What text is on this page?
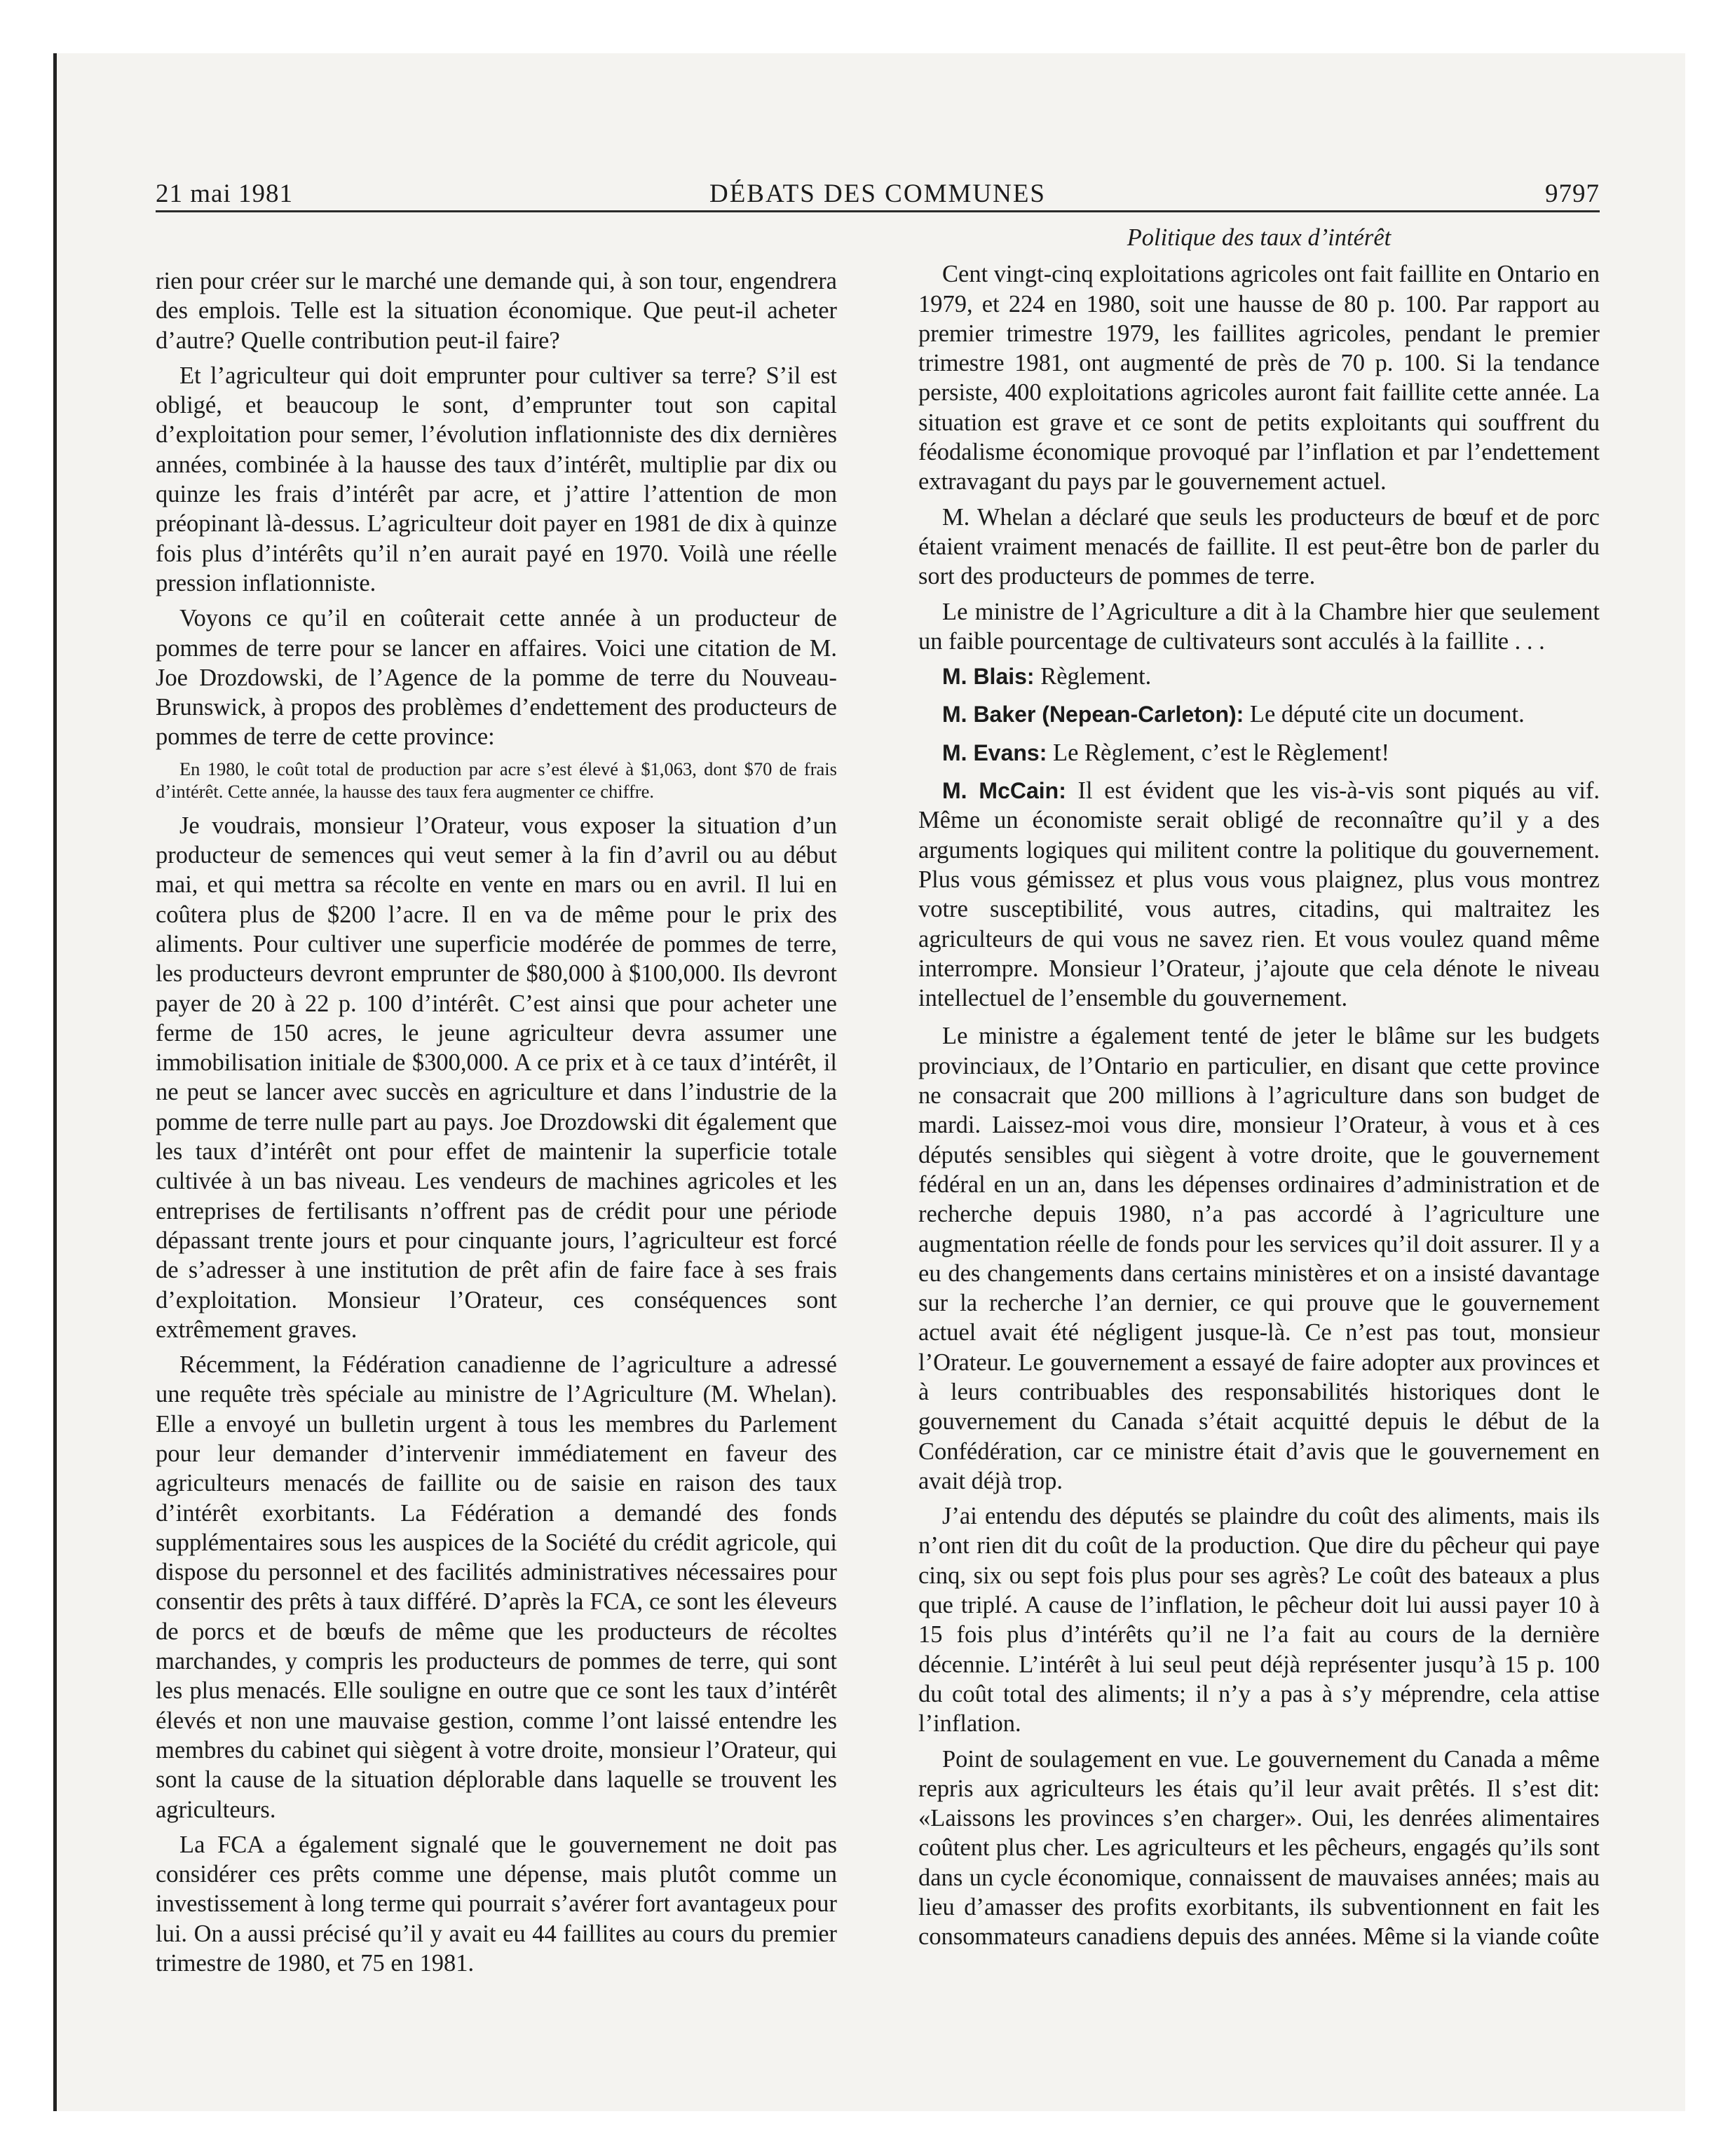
21 mai 1981	DÉBATS DES COMMUNES	9797

rien pour créer sur le marché une demande qui, à son tour, engendrera des emplois. Telle est la situation économique. Que peut-il acheter d’autre? Quelle contribution peut-il faire?

Et l’agriculteur qui doit emprunter pour cultiver sa terre? S’il est obligé, et beaucoup le sont, d’emprunter tout son capital d’exploitation pour semer, l’évolution inflationniste des dix dernières années, combinée à la hausse des taux d’intérêt, multiplie par dix ou quinze les frais d’intérêt par acre, et j’attire l’attention de mon préopinant là-dessus. L’agriculteur doit payer en 1981 de dix à quinze fois plus d’intérêts qu’il n’en aurait payé en 1970. Voilà une réelle pression inflationniste.

Voyons ce qu’il en coûterait cette année à un producteur de pommes de terre pour se lancer en affaires. Voici une citation de M. Joe Drozdowski, de l’Agence de la pomme de terre du Nouveau-Brunswick, à propos des problèmes d’endettement des producteurs de pommes de terre de cette province:

En 1980, le coût total de production par acre s’est élevé à $1,063, dont $70 de frais d’intérêt. Cette année, la hausse des taux fera augmenter ce chiffre.

Je voudrais, monsieur l’Orateur, vous exposer la situation d’un producteur de semences qui veut semer à la fin d’avril ou au début mai, et qui mettra sa récolte en vente en mars ou en avril. Il lui en coûtera plus de $200 l’acre. Il en va de même pour le prix des aliments. Pour cultiver une superficie modérée de pommes de terre, les producteurs devront emprunter de $80,000 à $100,000. Ils devront payer de 20 à 22 p. 100 d’intérêt. C’est ainsi que pour acheter une ferme de 150 acres, le jeune agriculteur devra assumer une immobilisation initiale de $300,000. A ce prix et à ce taux d’intérêt, il ne peut se lancer avec succès en agriculture et dans l’industrie de la pomme de terre nulle part au pays. Joe Drozdowski dit également que les taux d’intérêt ont pour effet de maintenir la superficie totale cultivée à un bas niveau. Les vendeurs de machines agricoles et les entreprises de fertilisants n’offrent pas de crédit pour une période dépassant trente jours et pour cinquante jours, l’agriculteur est forcé de s’adresser à une institution de prêt afin de faire face à ses frais d’exploitation. Monsieur l’Orateur, ces conséquences sont extrêmement graves.

Récemment, la Fédération canadienne de l’agriculture a adressé une requête très spéciale au ministre de l’Agriculture (M. Whelan). Elle a envoyé un bulletin urgent à tous les membres du Parlement pour leur demander d’intervenir immédiatement en faveur des agriculteurs menacés de faillite ou de saisie en raison des taux d’intérêt exorbitants. La Fédération a demandé des fonds supplémentaires sous les auspices de la Société du crédit agricole, qui dispose du personnel et des facilités administratives nécessaires pour consentir des prêts à taux différé. D’après la FCA, ce sont les éleveurs de porcs et de bœufs de même que les producteurs de récoltes marchandes, y compris les producteurs de pommes de terre, qui sont les plus menacés. Elle souligne en outre que ce sont les taux d’intérêt élevés et non une mauvaise gestion, comme l’ont laissé entendre les membres du cabinet qui siègent à votre droite, monsieur l’Orateur, qui sont la cause de la situation déplorable dans laquelle se trouvent les agriculteurs.

La FCA a également signalé que le gouvernement ne doit pas considérer ces prêts comme une dépense, mais plutôt comme un investissement à long terme qui pourrait s’avérer fort avantageux pour lui. On a aussi précisé qu’il y avait eu 44 faillites au cours du premier trimestre de 1980, et 75 en 1981.

Politique des taux d’intérêt

Cent vingt-cinq exploitations agricoles ont fait faillite en Ontario en 1979, et 224 en 1980, soit une hausse de 80 p. 100. Par rapport au premier trimestre 1979, les faillites agricoles, pendant le premier trimestre 1981, ont augmenté de près de 70 p. 100. Si la tendance persiste, 400 exploitations agricoles auront fait faillite cette année. La situation est grave et ce sont de petits exploitants qui souffrent du féodalisme économique provoqué par l’inflation et par l’endettement extravagant du pays par le gouvernement actuel.

M. Whelan a déclaré que seuls les producteurs de bœuf et de porc étaient vraiment menacés de faillite. Il est peut-être bon de parler du sort des producteurs de pommes de terre.

Le ministre de l’Agriculture a dit à la Chambre hier que seulement un faible pourcentage de cultivateurs sont acculés à la faillite . . .

M. Blais: Règlement.

M. Baker (Nepean-Carleton): Le député cite un document.

M. Evans: Le Règlement, c’est le Règlement!

M. McCain: Il est évident que les vis-à-vis sont piqués au vif. Même un économiste serait obligé de reconnaître qu’il y a des arguments logiques qui militent contre la politique du gouvernement. Plus vous gémissez et plus vous vous plaignez, plus vous montrez votre susceptibilité, vous autres, citadins, qui maltraitez les agriculteurs de qui vous ne savez rien. Et vous voulez quand même interrompre. Monsieur l’Orateur, j’ajoute que cela dénote le niveau intellectuel de l’ensemble du gouvernement.

Le ministre a également tenté de jeter le blâme sur les budgets provinciaux, de l’Ontario en particulier, en disant que cette province ne consacrait que 200 millions à l’agriculture dans son budget de mardi. Laissez-moi vous dire, monsieur l’Orateur, à vous et à ces députés sensibles qui siègent à votre droite, que le gouvernement fédéral en un an, dans les dépenses ordinaires d’administration et de recherche depuis 1980, n’a pas accordé à l’agriculture une augmentation réelle de fonds pour les services qu’il doit assurer. Il y a eu des changements dans certains ministères et on a insisté davantage sur la recherche l’an dernier, ce qui prouve que le gouvernement actuel avait été négligent jusque-là. Ce n’est pas tout, monsieur l’Orateur. Le gouvernement a essayé de faire adopter aux provinces et à leurs contribuables des responsabilités historiques dont le gouvernement du Canada s’était acquitté depuis le début de la Confédération, car ce ministre était d’avis que le gouvernement en avait déjà trop.

J’ai entendu des députés se plaindre du coût des aliments, mais ils n’ont rien dit du coût de la production. Que dire du pêcheur qui paye cinq, six ou sept fois plus pour ses agrès? Le coût des bateaux a plus que triplé. A cause de l’inflation, le pêcheur doit lui aussi payer 10 à 15 fois plus d’intérêts qu’il ne l’a fait au cours de la dernière décennie. L’intérêt à lui seul peut déjà représenter jusqu’à 15 p. 100 du coût total des aliments; il n’y a pas à s’y méprendre, cela attise l’inflation.

Point de soulagement en vue. Le gouvernement du Canada a même repris aux agriculteurs les étais qu’il leur avait prêtés. Il s’est dit: «Laissons les provinces s’en charger». Oui, les denrées alimentaires coûtent plus cher. Les agriculteurs et les pêcheurs, engagés qu’ils sont dans un cycle économique, connaissent de mauvaises années; mais au lieu d’amasser des profits exorbitants, ils subventionnent en fait les consommateurs canadiens depuis des années. Même si la viande coûte
